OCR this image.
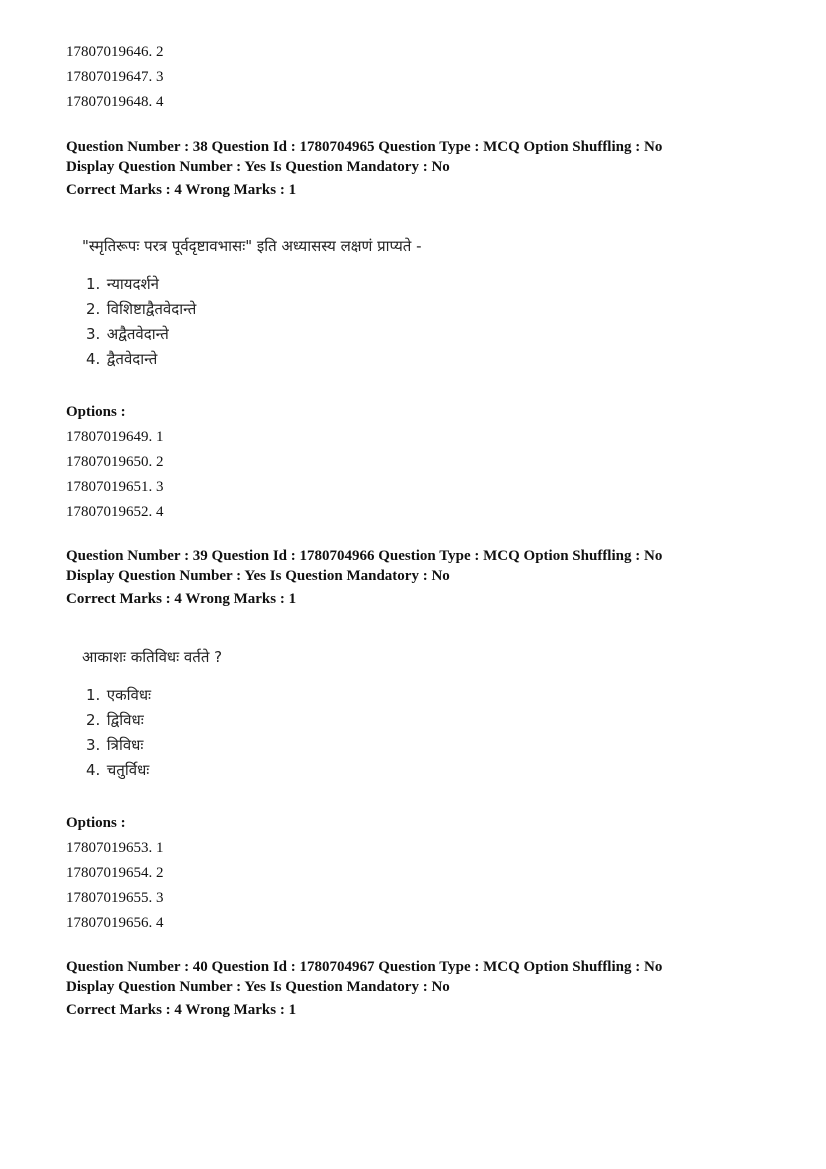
17807019646. 2
17807019647. 3
17807019648. 4
Question Number : 38 Question Id : 1780704965 Question Type : MCQ Option Shuffling : No
Display Question Number : Yes Is Question Mandatory : No
Correct Marks : 4 Wrong Marks : 1
"स्मृतिरूपः परत्र पूर्वदृष्टावभासः" इति अध्यासस्य लक्षणं प्राप्यते -
1. न्यायदर्शने
2. विशिष्टाद्वैतवेदान्ते
3. अद्वैतवेदान्ते
4. द्वैतवेदान्ते
Options :
17807019649. 1
17807019650. 2
17807019651. 3
17807019652. 4
Question Number : 39 Question Id : 1780704966 Question Type : MCQ Option Shuffling : No
Display Question Number : Yes Is Question Mandatory : No
Correct Marks : 4 Wrong Marks : 1
आकाशः कतिविधः वर्तते ?
1. एकविधः
2. द्विविधः
3. त्रिविधः
4. चतुर्विधः
Options :
17807019653. 1
17807019654. 2
17807019655. 3
17807019656. 4
Question Number : 40 Question Id : 1780704967 Question Type : MCQ Option Shuffling : No
Display Question Number : Yes Is Question Mandatory : No
Correct Marks : 4 Wrong Marks : 1
